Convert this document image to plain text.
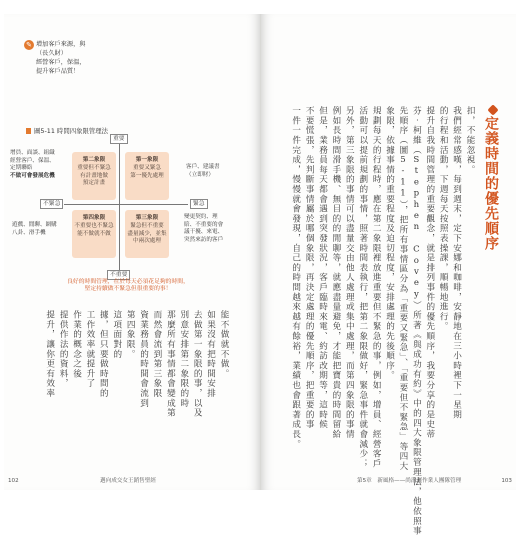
✎ 增加客戶來源，與
（長久財）
經營客戶，保溫，
提升客戶品質！
圖5-11 時間四象限管理法
重要
不重要
不緊急	緊急
第二象限
重要但不緊急
有計畫地做
預定計畫
第一象限
重要又緊急
第一優先處理
第四象限
不重要也不緊急
能不做就不做
第三象限
緊急但不重要
盡量減少，並集
中兩次處理
增員、面談、組織
經營客戶、保溫、
定期聯絡
不做可會發展危機
遊戲、閒聊、網購
八卦、滑手機
客戶、建議書
（立即財）
變更契約、理
賠、不重要的會
議干擾、來電、
突然來訪的客戶
良好的時間管理，在於每天必須花足夠的時間，
堅定持續做不緊急但很重要的事！
能不做就不做。
如果沒有把時間安排
去做第一象限的事，以及
別意安排第二象限的時
那麼所有事情都會變成第
而然會流到第三象限
資業務員的時間會流到
第四象限。
這項面對的
據，但只要做時間的
工作效率就提升了
作業的概念之後
提供作法的資料，
提升，讓你更有效率
102	邁向成交女王銷售聖經
定義時間的優先順序
扣，不能忽視。
我們經常感嘆，每到週末，定下安娜和咖啡，安靜地在三小時裡下一星期
的行程和活動，下週每天按照表操課，順暢地進行。
提升自我時間管理的重要觀念，就是排列事件的優先順序，我要分享的是史蒂
芬‧柯維（Stephen Covey）所著《與成功有約》中的四大象限管理法，他依照事
先順序（圖5-11），把所有事情區分為「重要又緊急」、「重要但不緊急」等四大
象限，依據事情的重要程度及迫切程度，安排處理的先後順序。
規劃每天的行程時，應在第二象限裡放進重要但不緊急的事，例如，增員、經營客戶
活動可以提前規劃的事情，照著時間表執行，把第二象限做好，緊急事件就會減少；
另外，第三象限的事情可以盡量交由他人處理或集中處理，而第四象限的事情
例如長時間滑手機、無目的的閒聊等，就應盡量避免，才能把寶貴的時間留給
但是，業務員每天都會遇到突發狀況，客戶臨時來電、約訪改期等，這時候
不要慌張，先判斷事情屬於哪個象限，再決定處理的優先順序，把重要的事
一件一件完成，慢慢就會發現，自己的時間越來越有餘裕，業績也會跟著成長。
第5章　新風格——尚溝運作業人團隊管理	103
